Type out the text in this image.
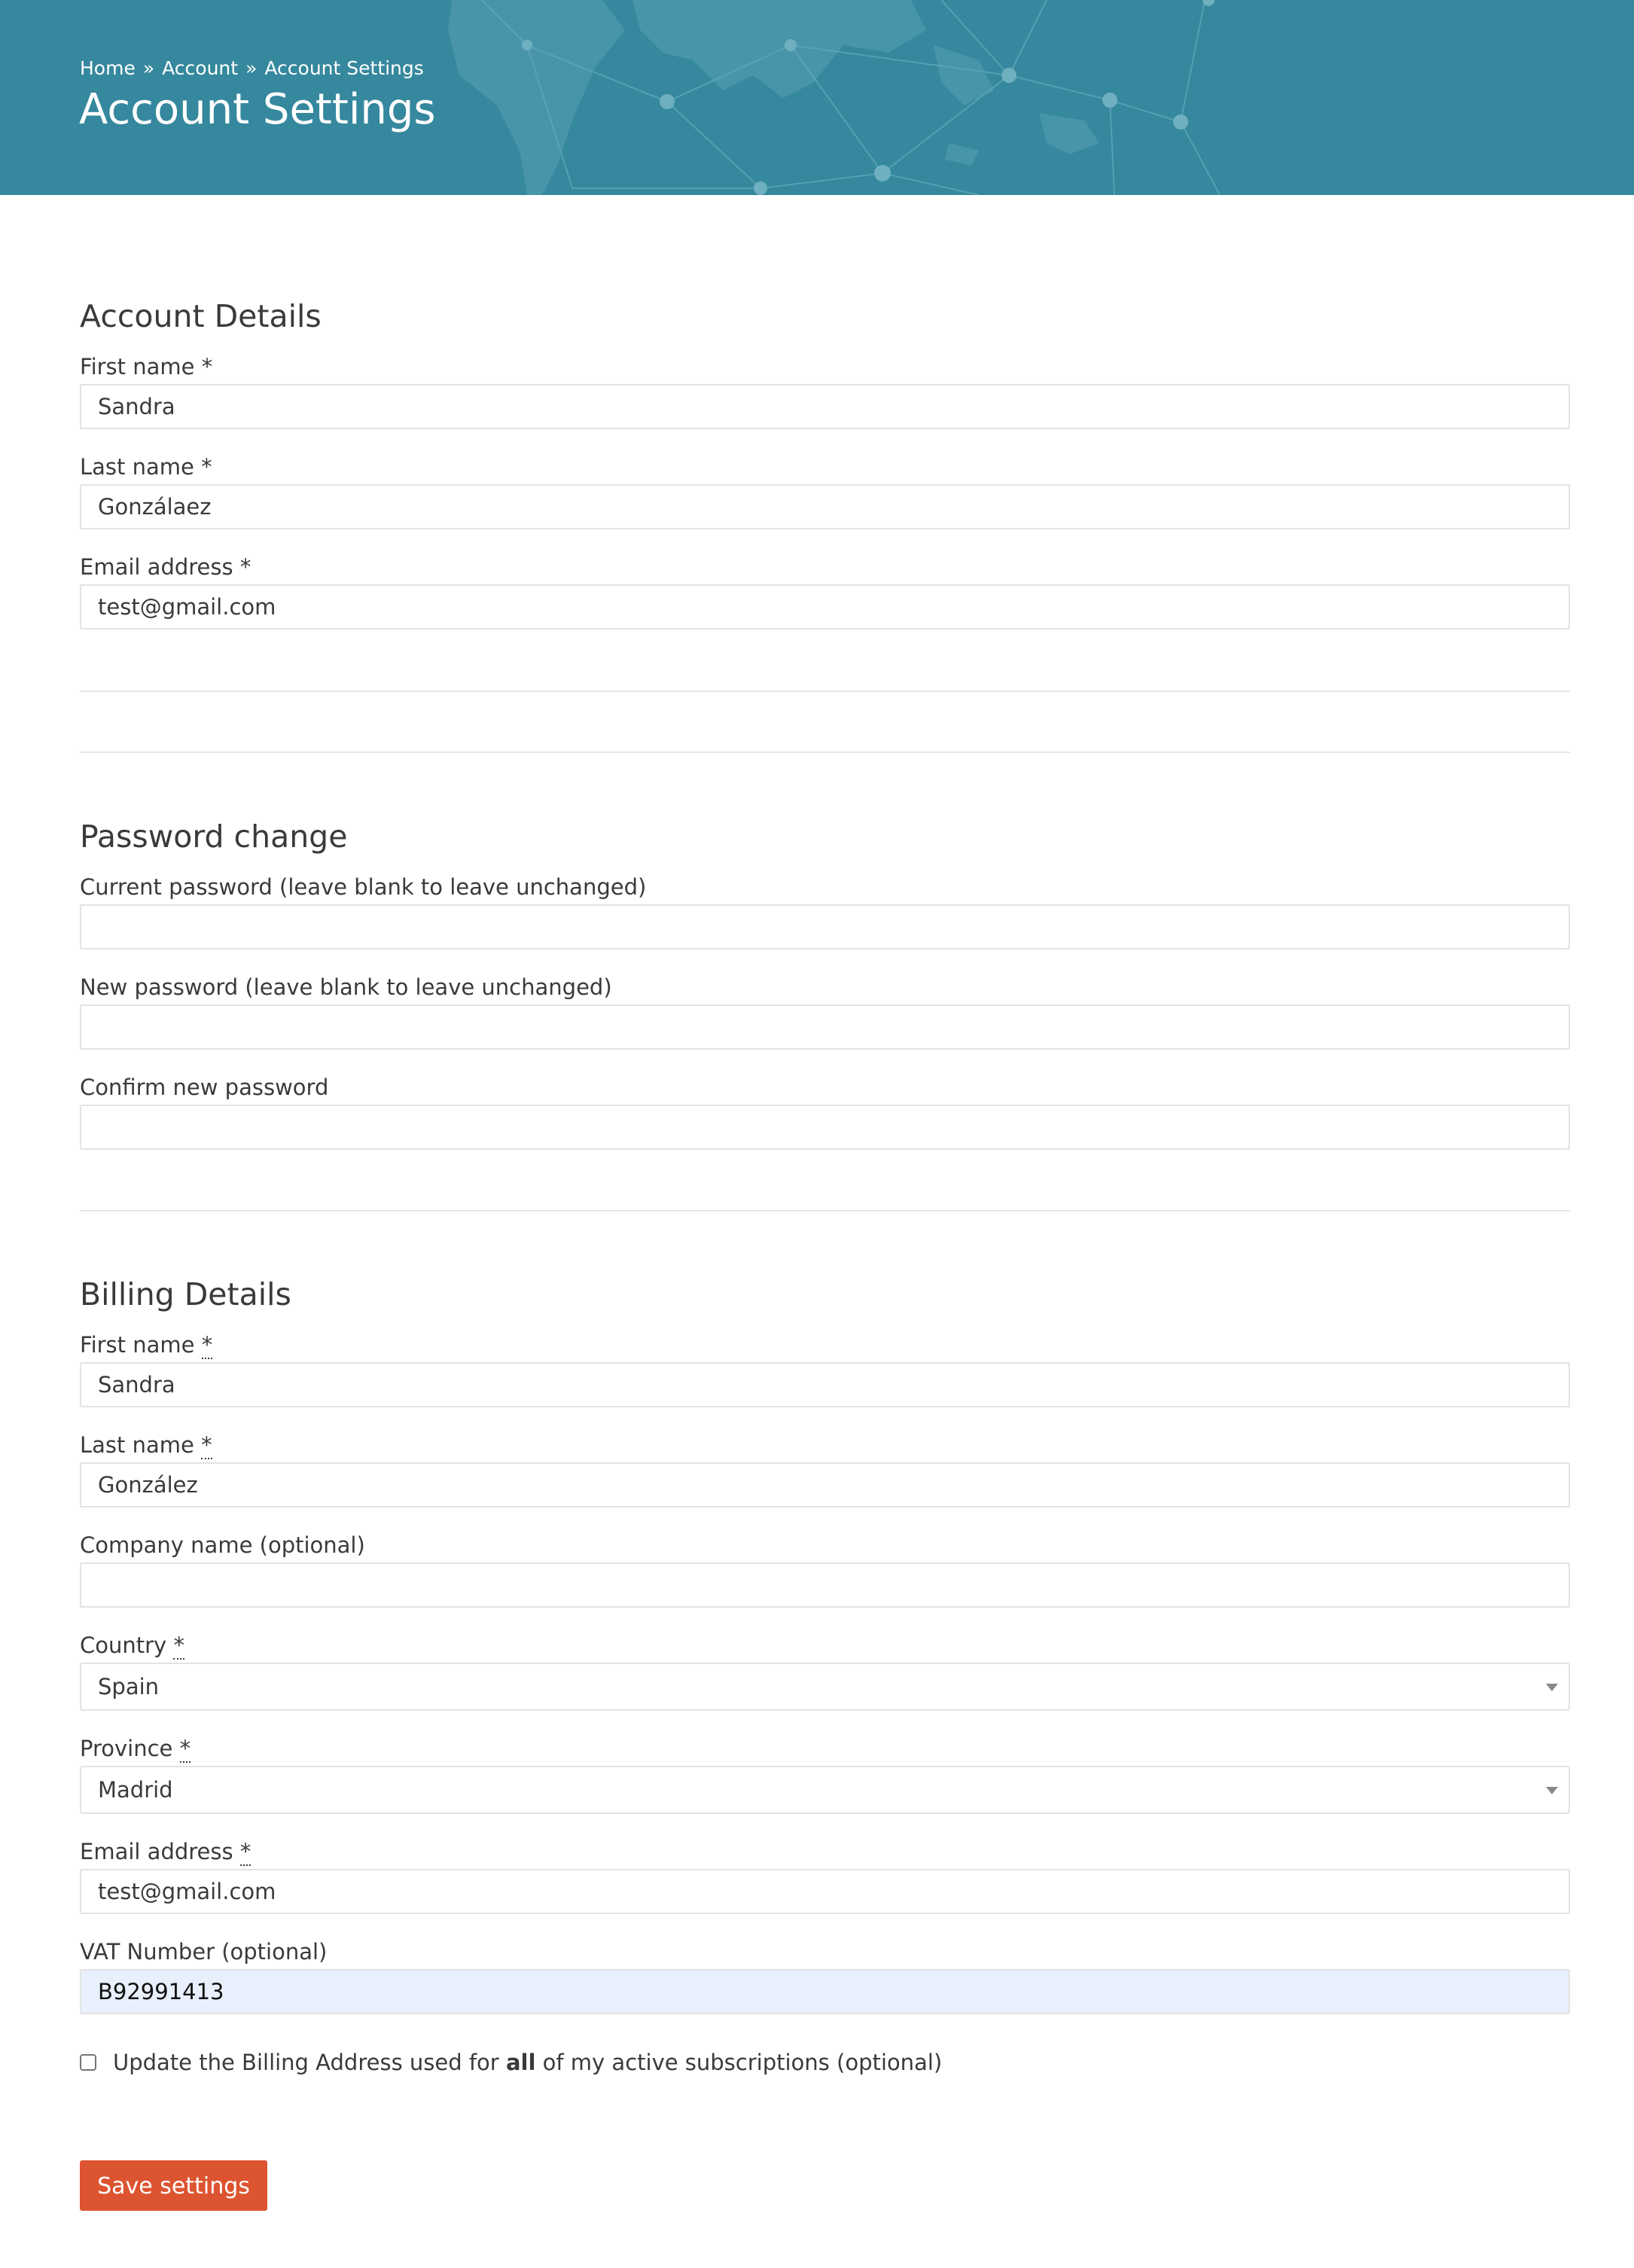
Home » Account » Account Settings
Account Settings
Account Details
First name *
Sandra
Last name *
Gonzálaez
Email address *
test@gmail.com
Password change
Current password (leave blank to leave unchanged)
New password (leave blank to leave unchanged)
Confirm new password
Billing Details
First name *
Sandra
Last name *
González
Company name (optional)
Country *
Spain
Province *
Madrid
Email address *
test@gmail.com
VAT Number (optional)
B92991413
Update the Billing Address used for all of my active subscriptions (optional)
Save settings
